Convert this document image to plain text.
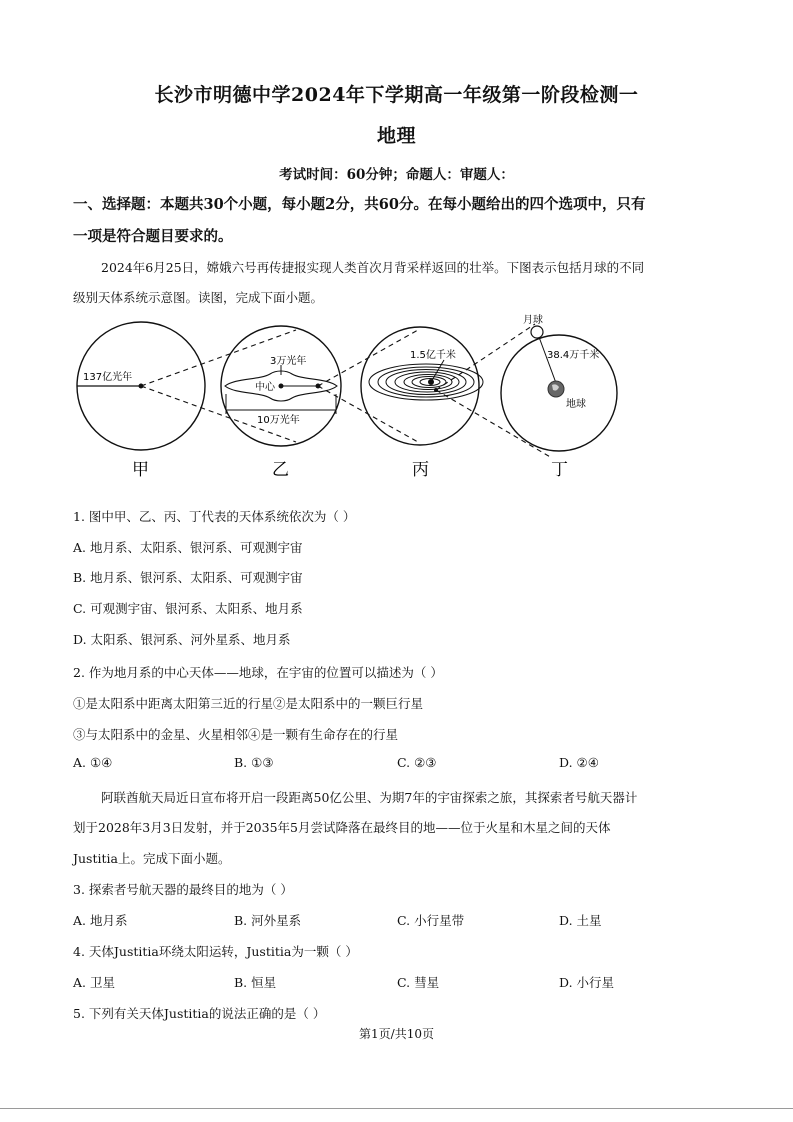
长沙市明德中学2024年下学期高一年级第一阶段检测一
地理
考试时间：60分钟；命题人：审题人：
一、选择题：本题共30个小题，每小题2分，共60分。在每小题给出的四个选项中，只有
一项是符合题目要求的。
2024年6月25日，嫦娥六号再传捷报实现人类首次月背采样返回的壮举。下图表示包括月球的不同
级别天体系统示意图。读图，完成下面小题。
137亿光年
甲
3万光年
中心
10万光年
乙
1.5亿千米
丙
月球
38.4万千米
地球
丁
1. 图中甲、乙、丙、丁代表的天体系统依次为（ ）
A. 地月系、太阳系、银河系、可观测宇宙
B. 地月系、银河系、太阳系、可观测宇宙
C. 可观测宇宙、银河系、太阳系、地月系
D. 太阳系、银河系、河外星系、地月系
2. 作为地月系的中心天体——地球，在宇宙的位置可以描述为（ ）
①是太阳系中距离太阳第三近的行星②是太阳系中的一颗巨行星
③与太阳系中的金星、火星相邻④是一颗有生命存在的行星
A. ①④	B. ①③	C. ②③	D. ②④
阿联酋航天局近日宣布将开启一段距离50亿公里、为期7年的宇宙探索之旅，其探索者号航天器计
划于2028年3月3日发射，并于2035年5月尝试降落在最终目的地——位于火星和木星之间的天体
Justitia上。完成下面小题。
3. 探索者号航天器的最终目的地为（ ）
A. 地月系	B. 河外星系	C. 小行星带	D. 土星
4. 天体Justitia环绕太阳运转，Justitia为一颗（ ）
A. 卫星	B. 恒星	C. 彗星	D. 小行星
5. 下列有关天体Justitia的说法正确的是（ ）
第1页/共10页
